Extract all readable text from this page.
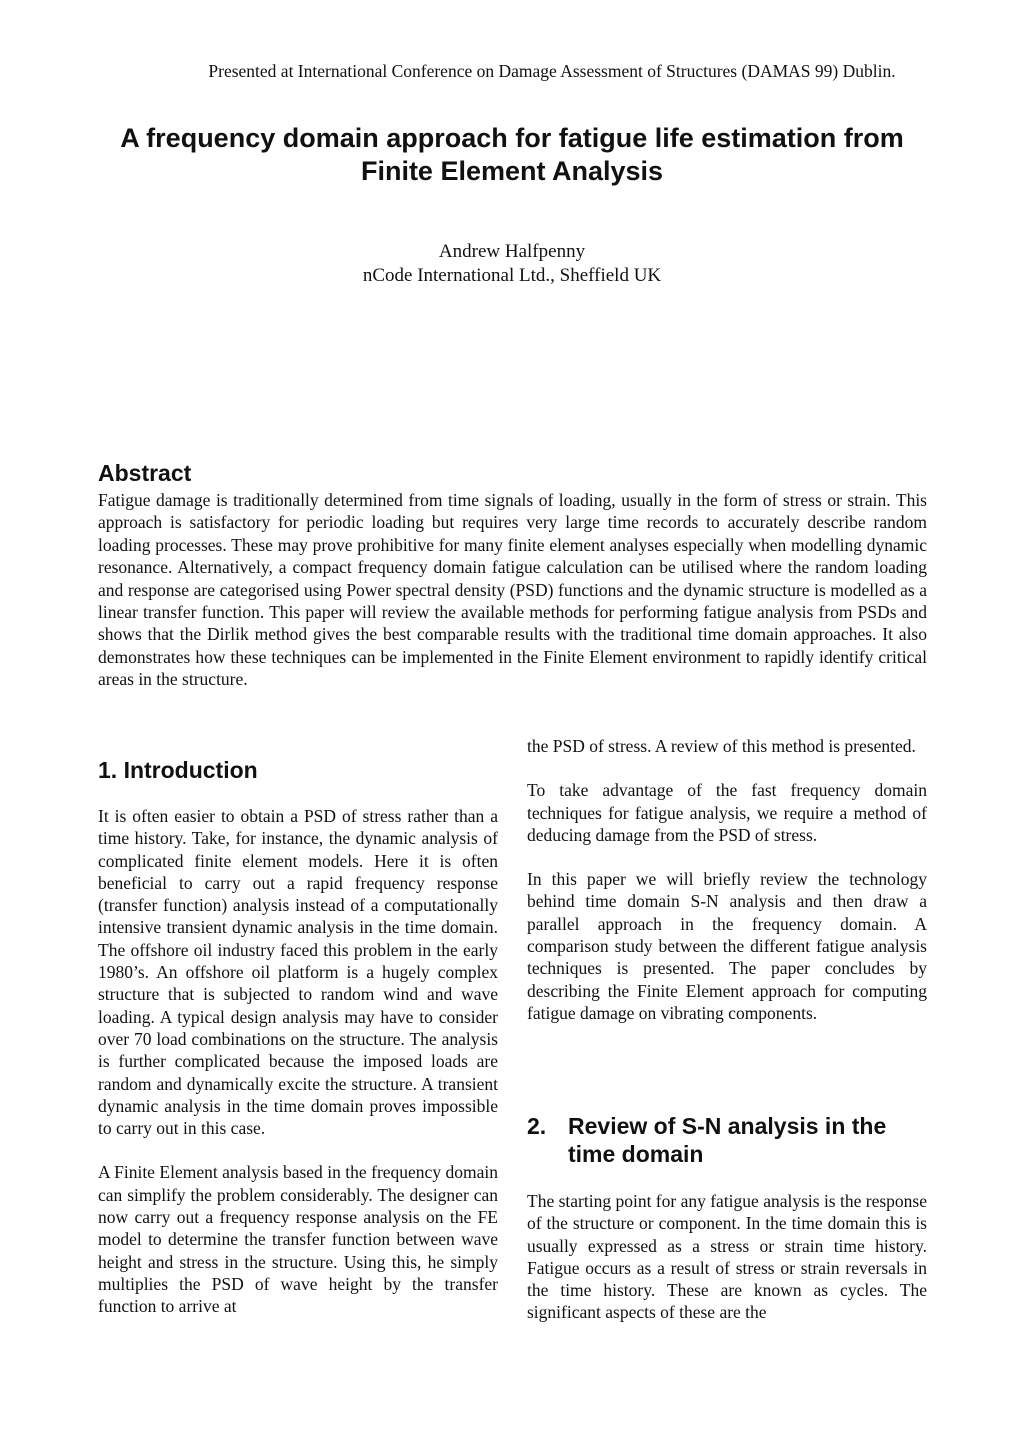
Presented at International Conference on Damage Assessment of Structures (DAMAS 99) Dublin.
A frequency domain approach for fatigue life estimation from
Finite Element Analysis
Andrew Halfpenny
nCode International Ltd., Sheffield UK
Abstract
Fatigue damage is traditionally determined from time signals of loading, usually in the form of stress or strain. This approach is satisfactory for periodic loading but requires very large time records to accurately describe random loading processes. These may prove prohibitive for many finite element analyses especially when modelling dynamic resonance. Alternatively, a compact frequency domain fatigue calculation can be utilised where the random loading and response are categorised using Power spectral density (PSD) functions and the dynamic structure is modelled as a linear transfer function. This paper will review the available methods for performing fatigue analysis from PSDs and shows that the Dirlik method gives the best comparable results with the traditional time domain approaches. It also demonstrates how these techniques can be implemented in the Finite Element environment to rapidly identify critical areas in the structure.
1. Introduction

It is often easier to obtain a PSD of stress rather than a time history. Take, for instance, the dynamic analysis of complicated finite element models. Here it is often beneficial to carry out a rapid frequency response (transfer function) analysis instead of a computationally intensive transient dynamic analysis in the time domain. The offshore oil industry faced this problem in the early 1980’s. An offshore oil platform is a hugely complex structure that is subjected to random wind and wave loading. A typical design analysis may have to consider over 70 load combinations on the structure. The analysis is further complicated because the imposed loads are random and dynamically excite the structure. A transient dynamic analysis in the time domain proves impossible to carry out in this case.

A Finite Element analysis based in the frequency domain can simplify the problem considerably. The designer can now carry out a frequency response analysis on the FE model to determine the transfer function between wave height and stress in the structure. Using this, he simply multiplies the PSD of wave height by the transfer function to arrive at

the PSD of stress. A review of this method is presented.

To take advantage of the fast frequency domain techniques for fatigue analysis, we require a method of deducing damage from the PSD of stress.

In this paper we will briefly review the technology behind time domain S-N analysis and then draw a parallel approach in the frequency domain. A comparison study between the different fatigue analysis techniques is presented. The paper concludes by describing the Finite Element approach for computing fatigue damage on vibrating components.

2. Review of S-N analysis in the time domain

The starting point for any fatigue analysis is the response of the structure or component. In the time domain this is usually expressed as a stress or strain time history. Fatigue occurs as a result of stress or strain reversals in the time history. These are known as cycles. The significant aspects of these are the
